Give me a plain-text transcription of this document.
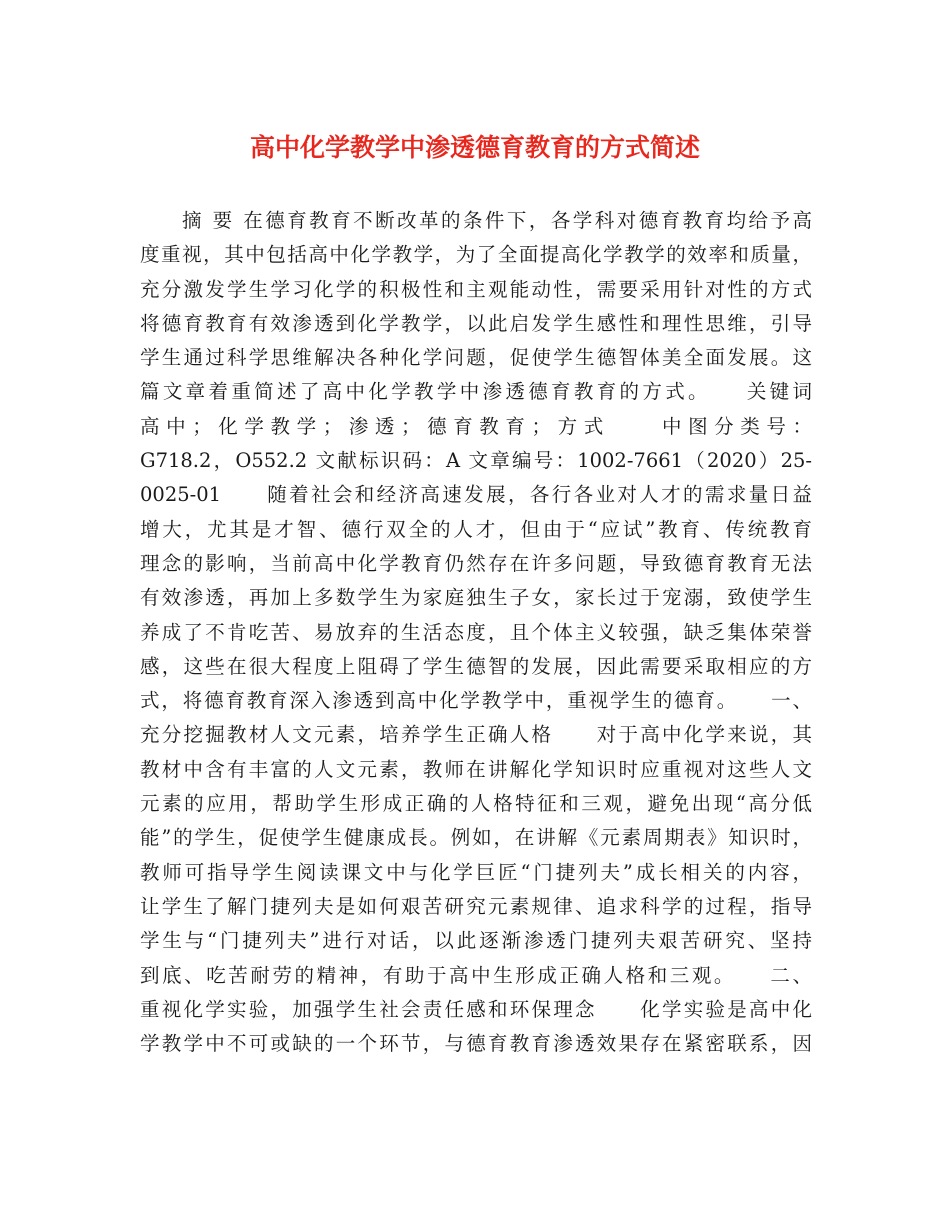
高中化学教学中渗透德育教育的方式简述
摘 要 在德育教育不断改革的条件下，各学科对德育教育均给予高
度重视，其中包括高中化学教学，为了全面提高化学教学的效率和质量，
充分激发学生学习化学的积极性和主观能动性，需要采用针对性的方式
将德育教育有效渗透到化学教学，以此启发学生感性和理性思维，引导
学生通过科学思维解决各种化学问题，促使学生德智体美全面发展。这
篇文章着重简述了高中化学教学中渗透德育教育的方式。　　关键词
高中；化学教学；渗透；德育教育；方式　　中图分类号：
G718.2，O552.2 文献标识码：A 文章编号：1002-7661（2020）25-
0025-01　　随着社会和经济高速发展，各行各业对人才的需求量日益
增大，尤其是才智、德行双全的人才，但由于“应试”教育、传统教育
理念的影响，当前高中化学教育仍然存在许多问题，导致德育教育无法
有效渗透，再加上多数学生为家庭独生子女，家长过于宠溺，致使学生
养成了不肯吃苦、易放弃的生活态度，且个体主义较强，缺乏集体荣誉
感，这些在很大程度上阻碍了学生德智的发展，因此需要采取相应的方
式，将德育教育深入渗透到高中化学教学中，重视学生的德育。　　一、
充分挖掘教材人文元素，培养学生正确人格　　对于高中化学来说，其
教材中含有丰富的人文元素，教师在讲解化学知识时应重视对这些人文
元素的应用，帮助学生形成正确的人格特征和三观，避免出现“高分低
能”的学生，促使学生健康成長。例如，在讲解《元素周期表》知识时，
教师可指导学生阅读课文中与化学巨匠“门捷列夫”成长相关的内容，
让学生了解门捷列夫是如何艰苦研究元素规律、追求科学的过程，指导
学生与“门捷列夫”进行对话，以此逐渐渗透门捷列夫艰苦研究、坚持
到底、吃苦耐劳的精神，有助于高中生形成正确人格和三观。　　二、
重视化学实验，加强学生社会责任感和环保理念　　化学实验是高中化
学教学中不可或缺的一个环节，与德育教育渗透效果存在紧密联系，因
